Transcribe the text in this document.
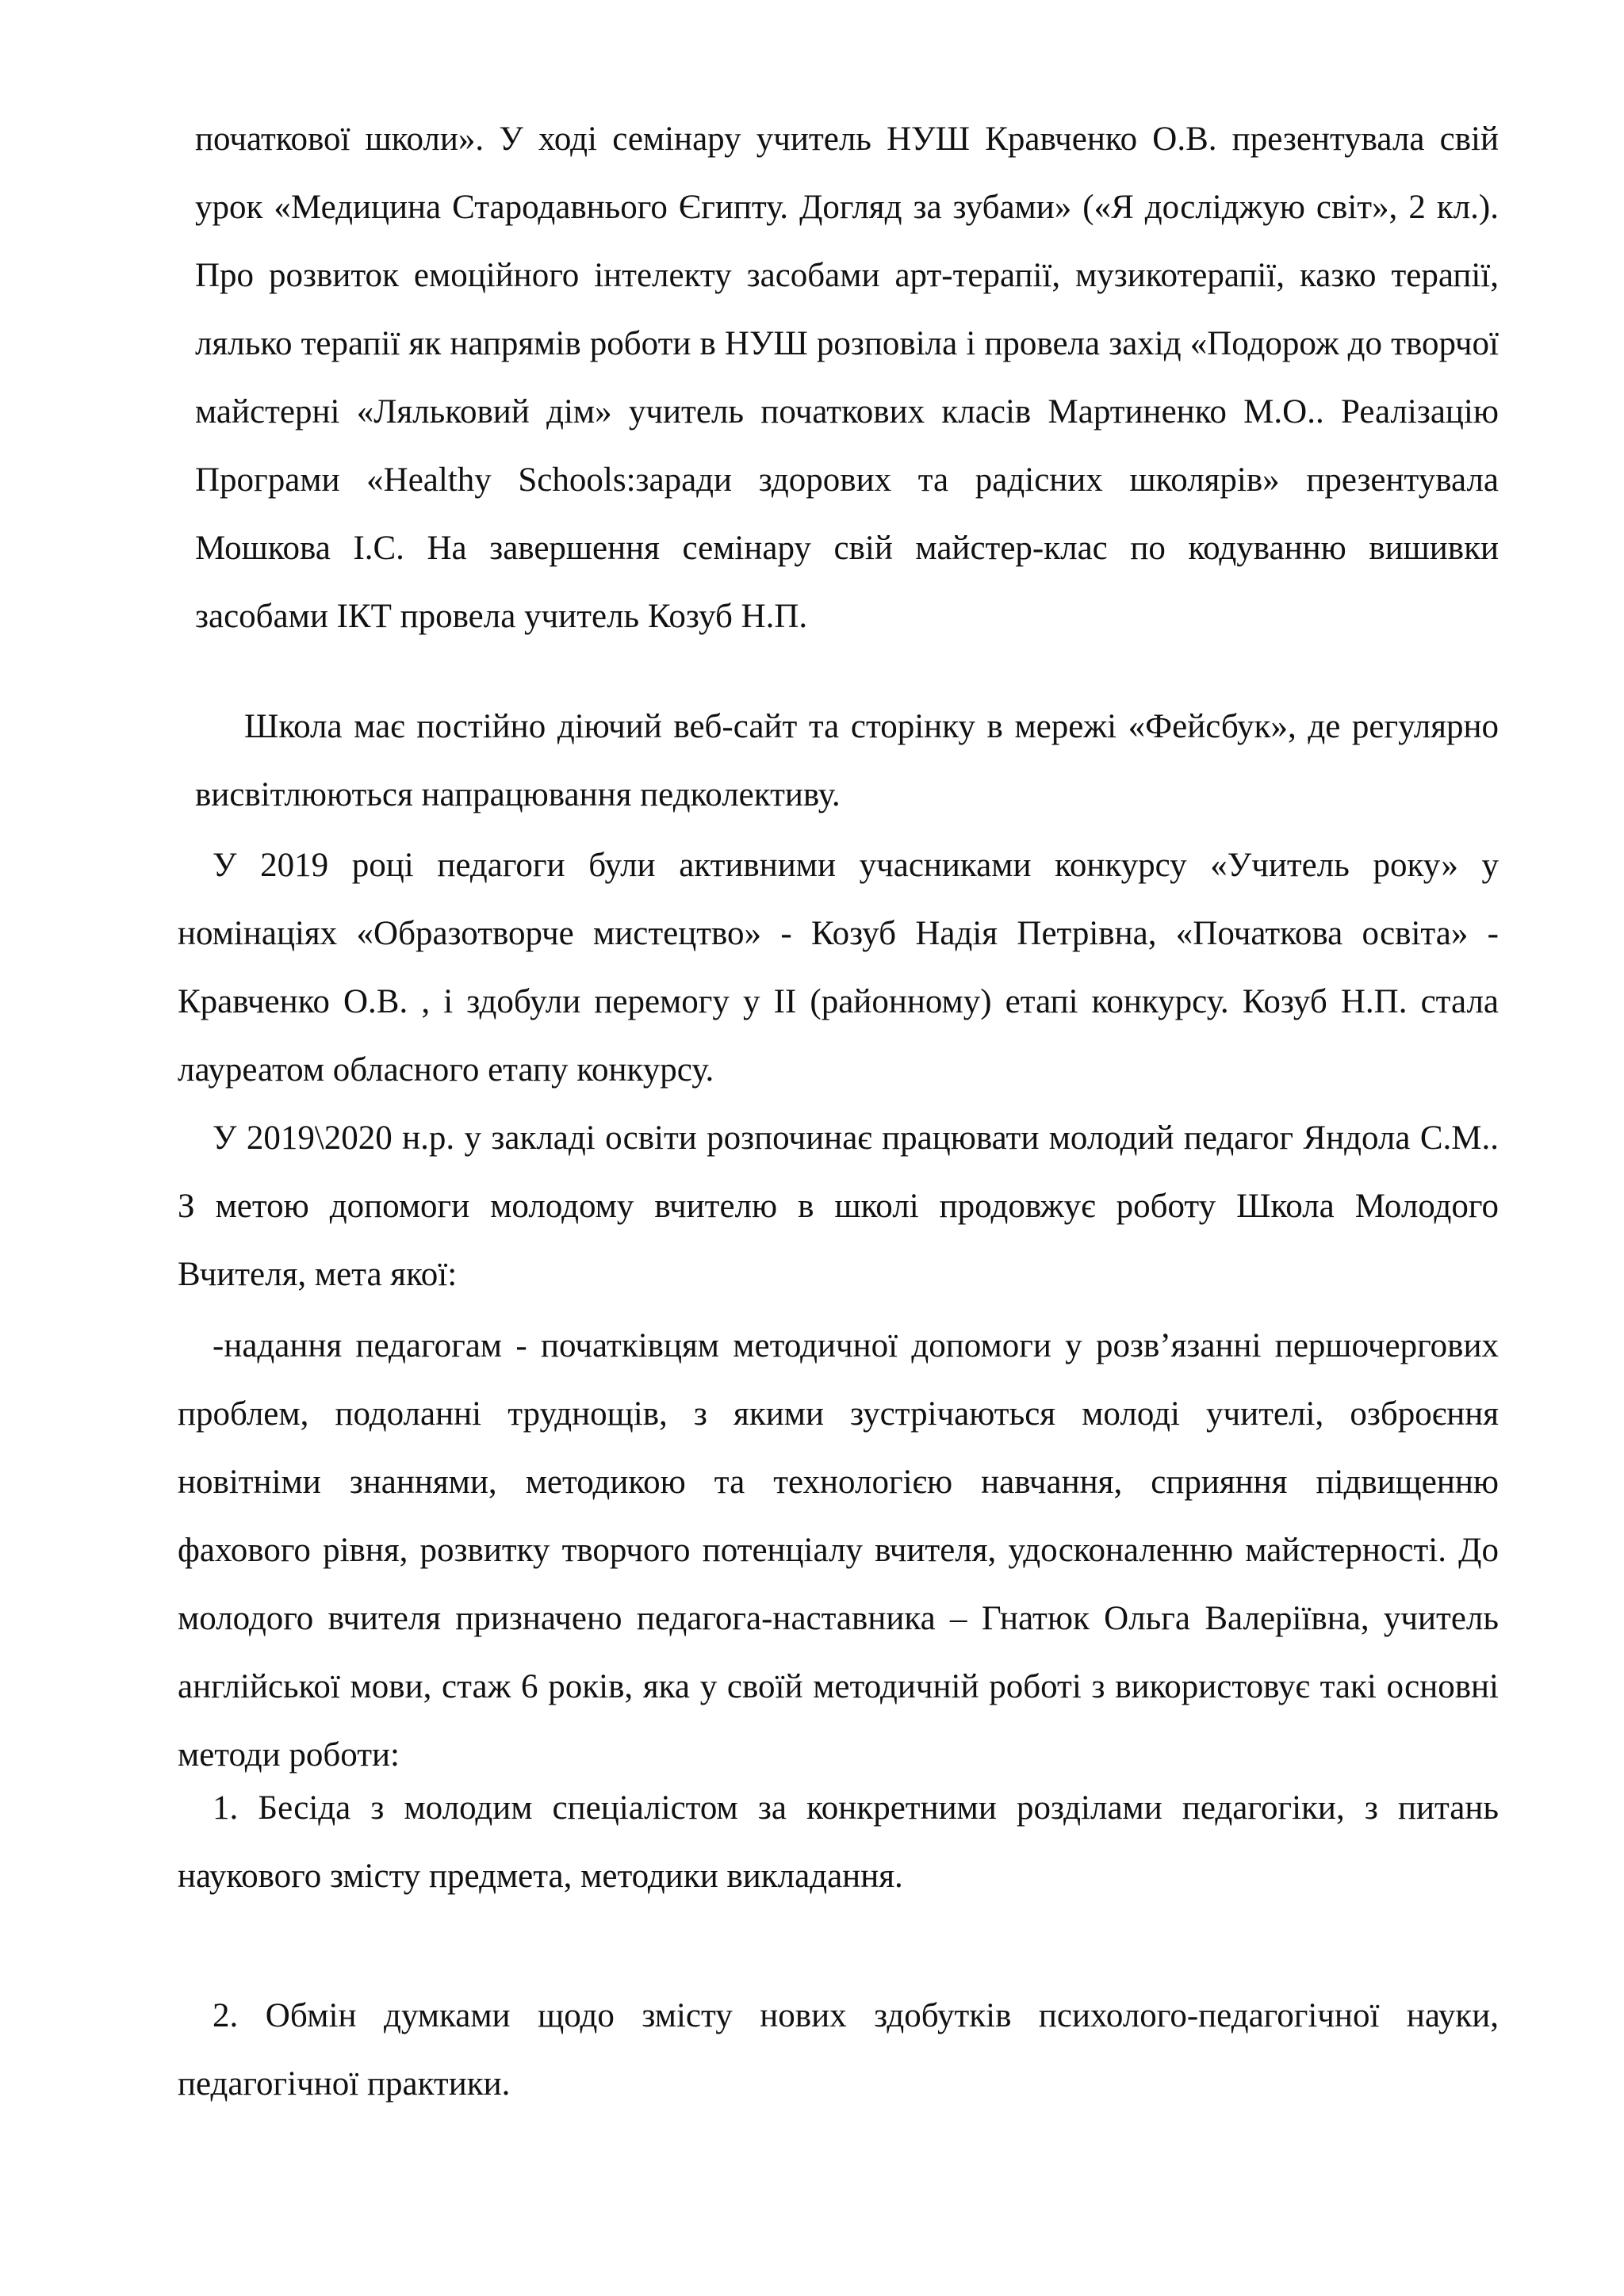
початкової школи». У ході семінару учитель НУШ Кравченко О.В. презентувала свій урок «Медицина Стародавнього Єгипту. Догляд за зубами» («Я досліджую світ», 2 кл.). Про розвиток емоційного інтелекту засобами арт-терапії, музикотерапії, казко терапії, лялько терапії як напрямів роботи в НУШ розповіла і провела захід «Подорож до творчої майстерні «Ляльковий дім» учитель початкових класів Мартиненко М.О.. Реалізацію Програми «Healthy Schools:заради здорових та радісних школярів» презентувала Мошкова І.С. На завершення семінару свій майстер-клас по кодуванню вишивки засобами ІКТ провела учитель Козуб Н.П.

Школа має постійно діючий веб-сайт та сторінку в мережі «Фейсбук», де регулярно висвітлюються напрацювання педколективу.

У 2019 році педагоги були активними учасниками конкурсу «Учитель року» у номінаціях «Образотворче мистецтво» - Козуб Надія Петрівна, «Початкова освіта» - Кравченко О.В. , і здобули перемогу у ІІ (районному) етапі конкурсу. Козуб Н.П. стала лауреатом обласного етапу конкурсу.

У 2019\2020 н.р. у закладі освіти розпочинає працювати молодий педагог Яндола С.М.. З метою допомоги молодому вчителю в школі продовжує роботу Школа Молодого Вчителя, мета якої:

-надання педагогам - початківцям методичної допомоги у розв’язанні першочергових проблем, подоланні труднощів, з якими зустрічаються молоді учителі, озброєння новітніми знаннями, методикою та технологією навчання, сприяння підвищенню фахового рівня, розвитку творчого потенціалу вчителя, удосконаленню майстерності. До молодого вчителя призначено педагога-наставника – Гнатюк Ольга Валеріївна, учитель англійської мови, стаж 6 років, яка у своїй методичній роботі з використовує такі основні методи роботи:

1. Бесіда з молодим спеціалістом за конкретними розділами педагогіки, з питань наукового змісту предмета, методики викладання.

2. Обмін думками щодо змісту нових здобутків психолого-педагогічної науки, педагогічної практики.
